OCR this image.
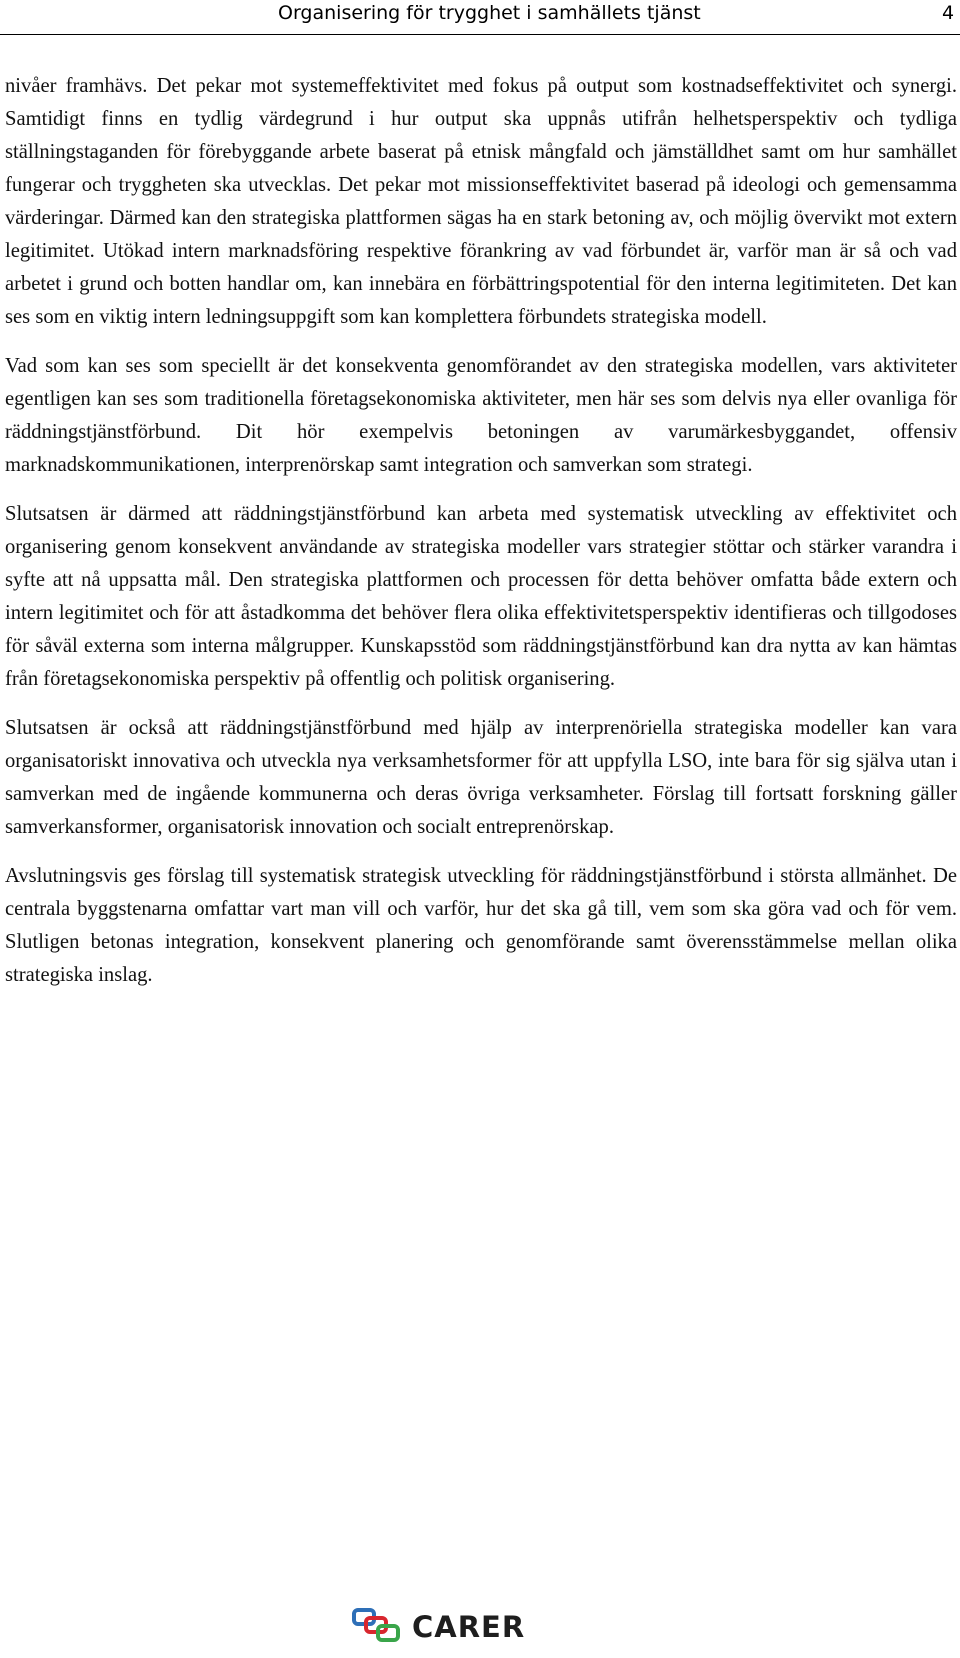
Organisering för trygghet i samhällets tjänst	4

nivåer framhävs. Det pekar mot systemeffektivitet med fokus på output som kostnadseffektivitet och synergi. Samtidigt finns en tydlig värdegrund i hur output ska uppnås utifrån helhetsperspektiv och tydliga ställningstaganden för förebyggande arbete baserat på etnisk mångfald och jämställdhet samt om hur samhället fungerar och tryggheten ska utvecklas. Det pekar mot missionseffektivitet baserad på ideologi och gemensamma värderingar. Därmed kan den strategiska plattformen sägas ha en stark betoning av, och möjlig övervikt mot extern legitimitet. Utökad intern marknadsföring respektive förankring av vad förbundet är, varför man är så och vad arbetet i grund och botten handlar om, kan innebära en förbättringspotential för den interna legitimiteten. Det kan ses som en viktig intern ledningsuppgift som kan komplettera förbundets strategiska modell.

Vad som kan ses som speciellt är det konsekventa genomförandet av den strategiska modellen, vars aktiviteter egentligen kan ses som traditionella företagsekonomiska aktiviteter, men här ses som delvis nya eller ovanliga för räddningstjänstförbund. Dit hör exempelvis betoningen av varumärkesbyggandet, offensiv marknadskommunikationen, interprenörskap samt integration och samverkan som strategi.

Slutsatsen är därmed att räddningstjänstförbund kan arbeta med systematisk utveckling av effektivitet och organisering genom konsekvent användande av strategiska modeller vars strategier stöttar och stärker varandra i syfte att nå uppsatta mål. Den strategiska plattformen och processen för detta behöver omfatta både extern och intern legitimitet och för att åstadkomma det behöver flera olika effektivitetsperspektiv identifieras och tillgodoses för såväl externa som interna målgrupper. Kunskapsstöd som räddningstjänstförbund kan dra nytta av kan hämtas från företagsekonomiska perspektiv på offentlig och politisk organisering.

Slutsatsen är också att räddningstjänstförbund med hjälp av interprenöriella strategiska modeller kan vara organisatoriskt innovativa och utveckla nya verksamhetsformer för att uppfylla LSO, inte bara för sig själva utan i samverkan med de ingående kommunerna och deras övriga verksamheter. Förslag till fortsatt forskning gäller samverkansformer, organisatorisk innovation och socialt entreprenörskap.

Avslutningsvis ges förslag till systematisk strategisk utveckling för räddningstjänstförbund i största allmänhet. De centrala byggstenarna omfattar vart man vill och varför, hur det ska gå till, vem som ska göra vad och för vem. Slutligen betonas integration, konsekvent planering och genomförande samt överensstämmelse mellan olika strategiska inslag.

CARER
